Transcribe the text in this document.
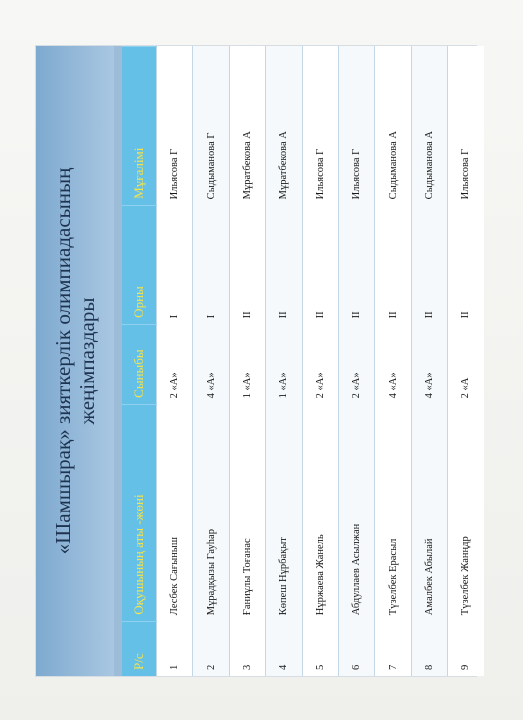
«Шамшырақ» зияткерлік олимпиадасының жеңімпаздары
Р/с	Оқушының аты -жөні	Сыныбы	Орны	Мұғалімі
1	Лесбек Сағыныш	2 «А»	I	Ильясова Г
2	Мұрадқызы Гауһар	4 «А»	I	Сыдыманова Г
3	Ғаниұлы Тоғанас	1 «А»	II	Мұратбекова А
4	Көпеш Нұрбақыт	1 «А»	II	Мұратбекова А
5	Нұржаева Жанель	2 «А»	II	Ильясова Г
6	Абдуллаев Асылжан	2 «А»	II	Ильясова Г
7	Түзелбек Ерасыл	4 «А»	II	Сыдыманова А
8	Амалбек Абылай	4 «А»	II	Сыдыманова А
9	Түзелбек Жанңдр	2 «А	II	Ильясова Г
